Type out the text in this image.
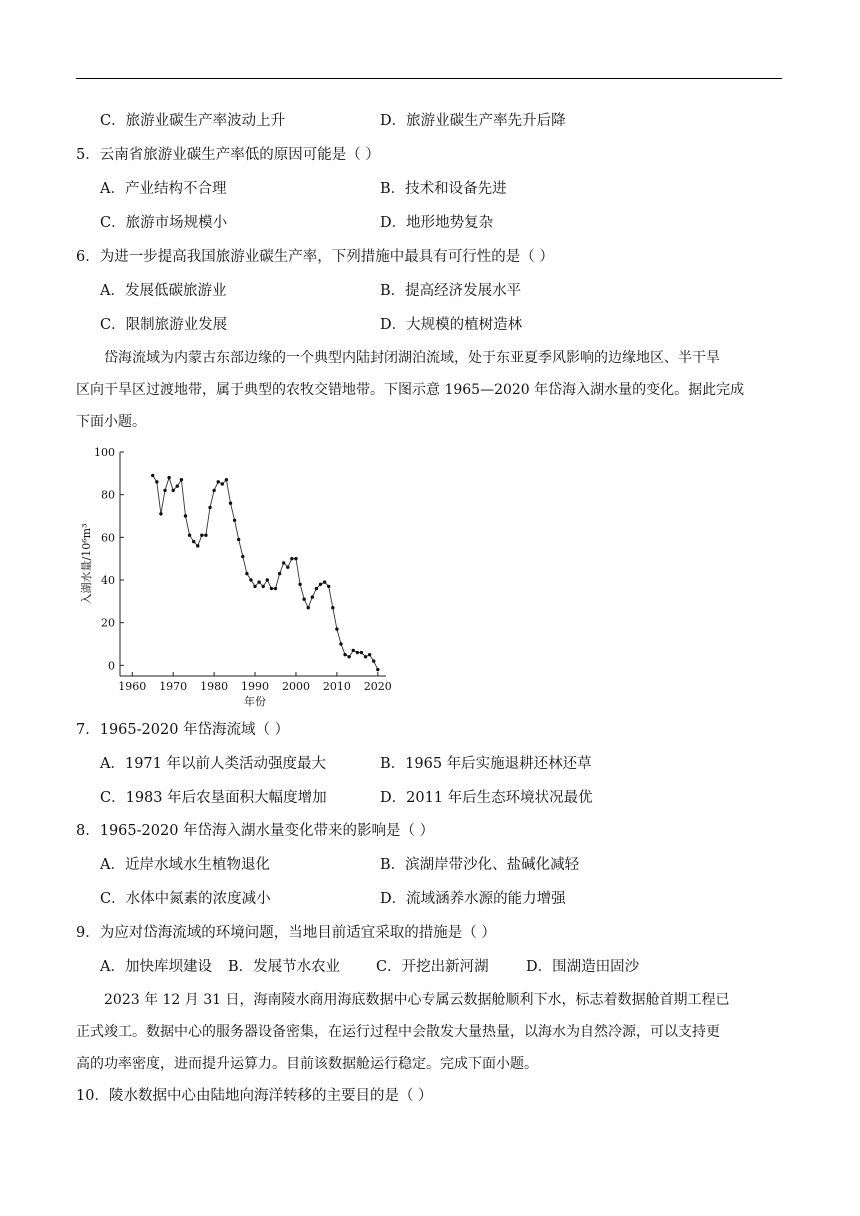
C．旅游业碳生产率波动上升	D．旅游业碳生产率先升后降
5．云南省旅游业碳生产率低的原因可能是（ ）
A．产业结构不合理	B．技术和设备先进
C．旅游市场规模小	D．地形地势复杂
6．为进一步提高我国旅游业碳生产率，下列措施中最具有可行性的是（ ）
A．发展低碳旅游业	B．提高经济发展水平
C．限制旅游业发展	D．大规模的植树造林
岱海流域为内蒙古东部边缘的一个典型内陆封闭湖泊流域，处于东亚夏季风影响的边缘地区、半干旱
区向干旱区过渡地带，属于典型的农牧交错地带。下图示意 1965—2020 年岱海入湖水量的变化。据此完成
下面小题。
0
20
40
60
80
100
1960 1970 1980 1990 2000 2010 2020
年份
入湖水量/10⁶m³
7．1965-2020 年岱海流域（ ）
A．1971 年以前人类活动强度最大	B．1965 年后实施退耕还林还草
C．1983 年后农垦面积大幅度增加	D．2011 年后生态环境状况最优
8．1965-2020 年岱海入湖水量变化带来的影响是（ ）
A．近岸水域水生植物退化	B．滨湖岸带沙化、盐碱化减轻
C．水体中氮素的浓度减小	D．流域涵养水源的能力增强
9．为应对岱海流域的环境问题，当地目前适宜采取的措施是（ ）
A．加快库坝建设 B．发展节水农业 C．开挖出新河湖	D．围湖造田固沙
2023 年 12 月 31 日，海南陵水商用海底数据中心专属云数据舱顺利下水，标志着数据舱首期工程已
正式竣工。数据中心的服务器设备密集，在运行过程中会散发大量热量，以海水为自然冷源，可以支持更
高的功率密度，进而提升运算力。目前该数据舱运行稳定。完成下面小题。
10．陵水数据中心由陆地向海洋转移的主要目的是（ ）
